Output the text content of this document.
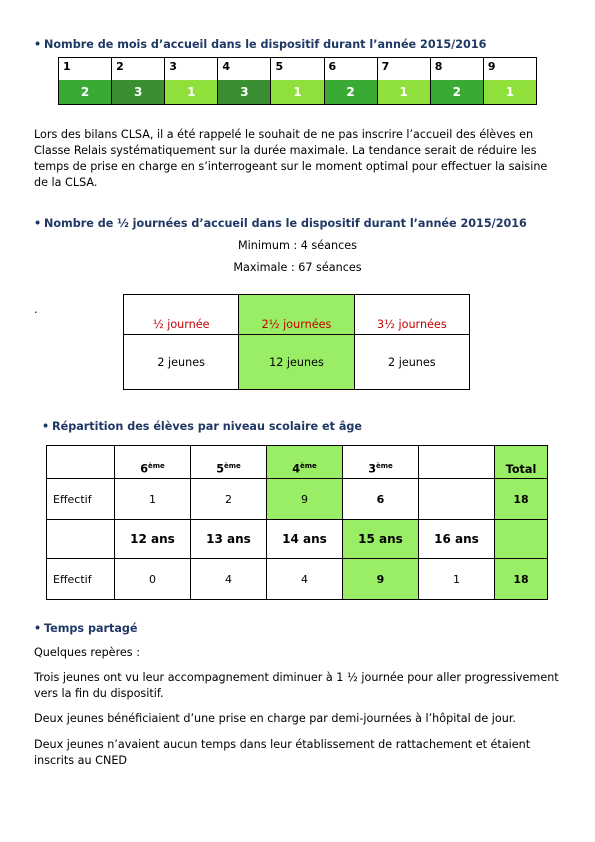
• Nombre de mois d’accueil dans le dispositif durant l’année 2015/2016
1	2	3	4	5	6	7	8	9
2	3	1	3	1	2	1	2	1

Lors des bilans CLSA, il a été rappelé le souhait de ne pas inscrire l’accueil des élèves en Classe Relais systématiquement sur la durée maximale. La tendance serait de réduire les temps de prise en charge en s’interrogeant sur le moment optimal pour effectuer la saisine de la CLSA.

• Nombre de ½ journées d’accueil dans le dispositif durant l’année 2015/2016
Minimum : 4 séances
Maximale : 67 séances
.
½ journée	2½ journées	3½ journées
2 jeunes	12 jeunes	2 jeunes
• Répartition des élèves par niveau scolaire et âge
	6ème	5ème	4ème	3ème		Total
Effectif	1	2	9	6		18
	12 ans	13 ans	14 ans	15 ans	16 ans	
Effectif	0	4	4	9	1	18
• Temps partagé

Quelques repères :

Trois jeunes ont vu leur accompagnement diminuer à 1 ½ journée pour aller progressivement vers la fin du dispositif.

Deux jeunes bénéficiaient d’une prise en charge par demi-journées à l’hôpital de jour.

Deux jeunes n’avaient aucun temps dans leur établissement de rattachement et étaient inscrits au CNED
